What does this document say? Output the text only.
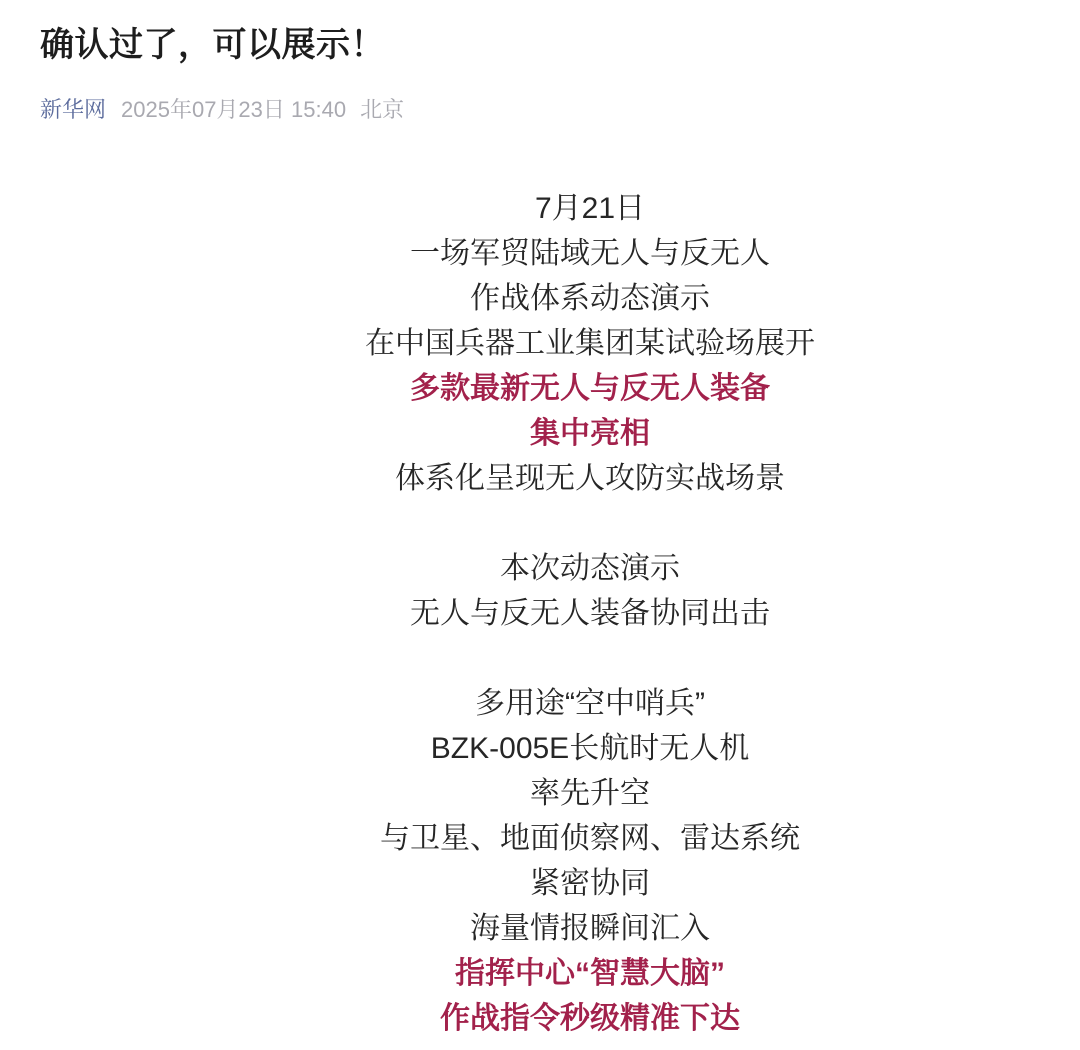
确认过了，可以展示！
新华网 2025年07月23日 15:40 北京

7月21日
一场军贸陆域无人与反无人
作战体系动态演示
在中国兵器工业集团某试验场展开
多款最新无人与反无人装备
集中亮相
体系化呈现无人攻防实战场景

本次动态演示
无人与反无人装备协同出击

多用途“空中哨兵”
BZK-005E长航时无人机
率先升空
与卫星、地面侦察网、雷达系统
紧密协同
海量情报瞬间汇入
指挥中心“智慧大脑”
作战指令秒级精准下达
